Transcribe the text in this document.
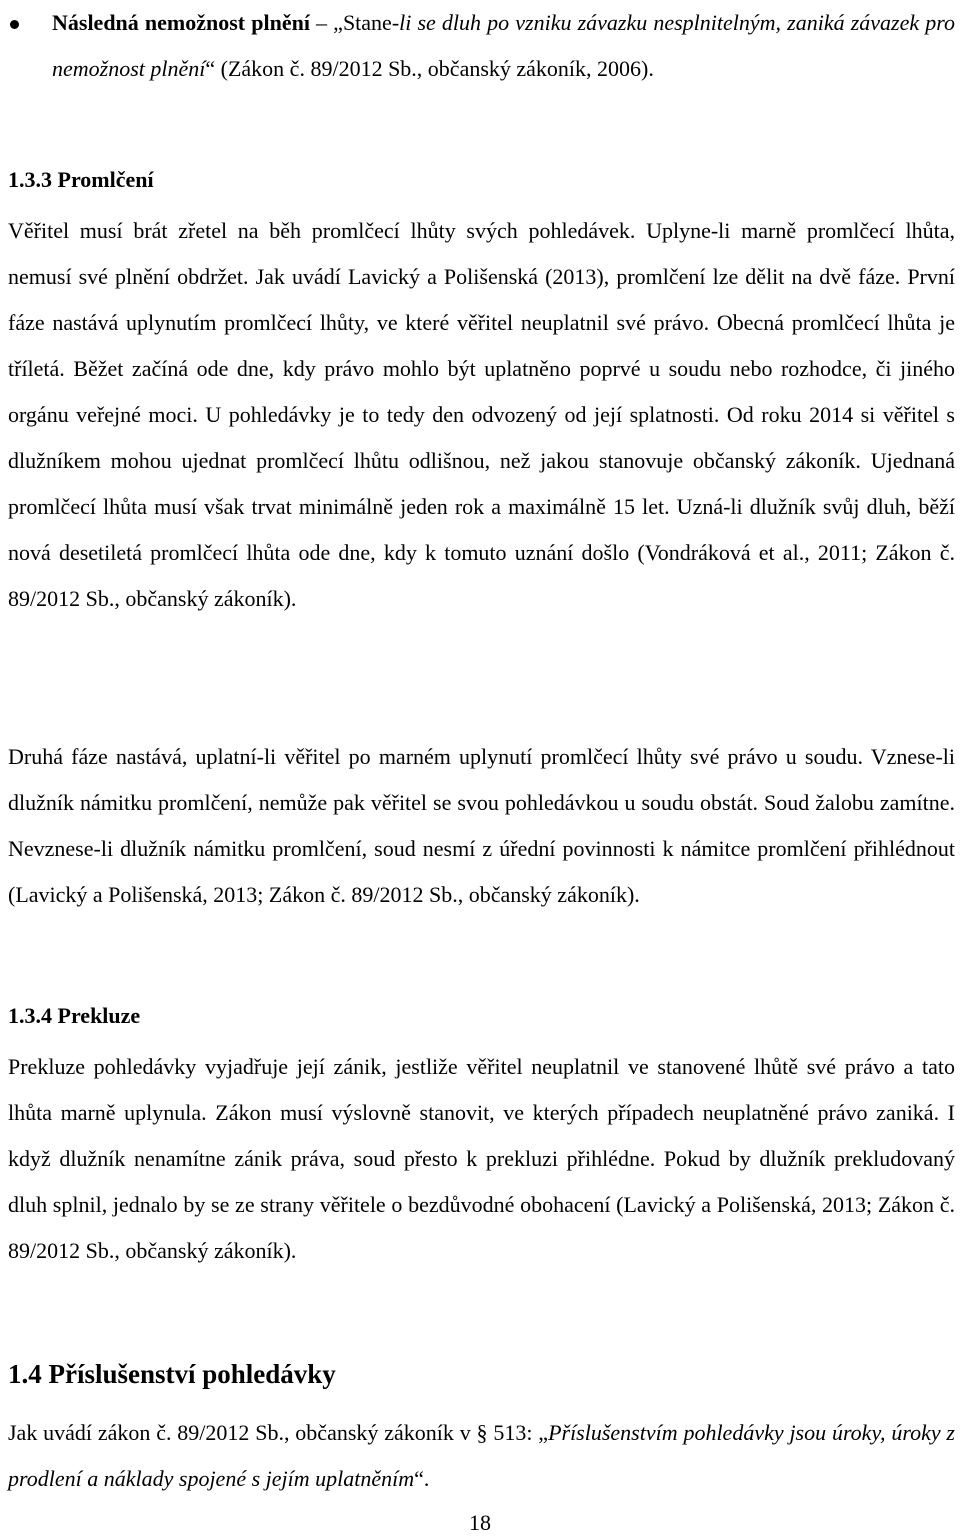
Následná nemožnost plnění – „Stane-li se dluh po vzniku závazku nesplnitelným, zaniká závazek pro nemožnost plnění“ (Zákon č. 89/2012 Sb., občanský zákoník, 2006).

1.3.3 Promlčení

Věřitel musí brát zřetel na běh promlčecí lhůty svých pohledávek. Uplyne-li marně promlčecí lhůta, nemusí své plnění obdržet. Jak uvádí Lavický a Polišenská (2013), promlčení lze dělit na dvě fáze. První fáze nastává uplynutím promlčecí lhůty, ve které věřitel neuplatnil své právo. Obecná promlčecí lhůta je tříletá. Běžet začíná ode dne, kdy právo mohlo být uplatněno poprvé u soudu nebo rozhodce, či jiného orgánu veřejné moci. U pohledávky je to tedy den odvozený od její splatnosti. Od roku 2014 si věřitel s dlužníkem mohou ujednat promlčecí lhůtu odlišnou, než jakou stanovuje občanský zákoník. Ujednaná promlčecí lhůta musí však trvat minimálně jeden rok a maximálně 15 let. Uzná-li dlužník svůj dluh, běží nová desetiletá promlčecí lhůta ode dne, kdy k tomuto uznání došlo (Vondráková et al., 2011; Zákon č. 89/2012 Sb., občanský zákoník).

Druhá fáze nastává, uplatní-li věřitel po marném uplynutí promlčecí lhůty své právo u soudu. Vznese-li dlužník námitku promlčení, nemůže pak věřitel se svou pohledávkou u soudu obstát. Soud žalobu zamítne. Nevznese-li dlužník námitku promlčení, soud nesmí z úřední povinnosti k námitce promlčení přihlédnout (Lavický a Polišenská, 2013; Zákon č. 89/2012 Sb., občanský zákoník).

1.3.4 Prekluze

Prekluze pohledávky vyjadřuje její zánik, jestliže věřitel neuplatnil ve stanovené lhůtě své právo a tato lhůta marně uplynula. Zákon musí výslovně stanovit, ve kterých případech neuplatněné právo zaniká. I když dlužník nenamítne zánik práva, soud přesto k prekluzi přihlédne. Pokud by dlužník prekludovaný dluh splnil, jednalo by se ze strany věřitele o bezdůvodné obohacení (Lavický a Polišenská, 2013; Zákon č. 89/2012 Sb., občanský zákoník).

1.4 Příslušenství pohledávky

Jak uvádí zákon č. 89/2012 Sb., občanský zákoník v § 513: „Příslušenstvím pohledávky jsou úroky, úroky z prodlení a náklady spojené s jejím uplatněním“.

18
